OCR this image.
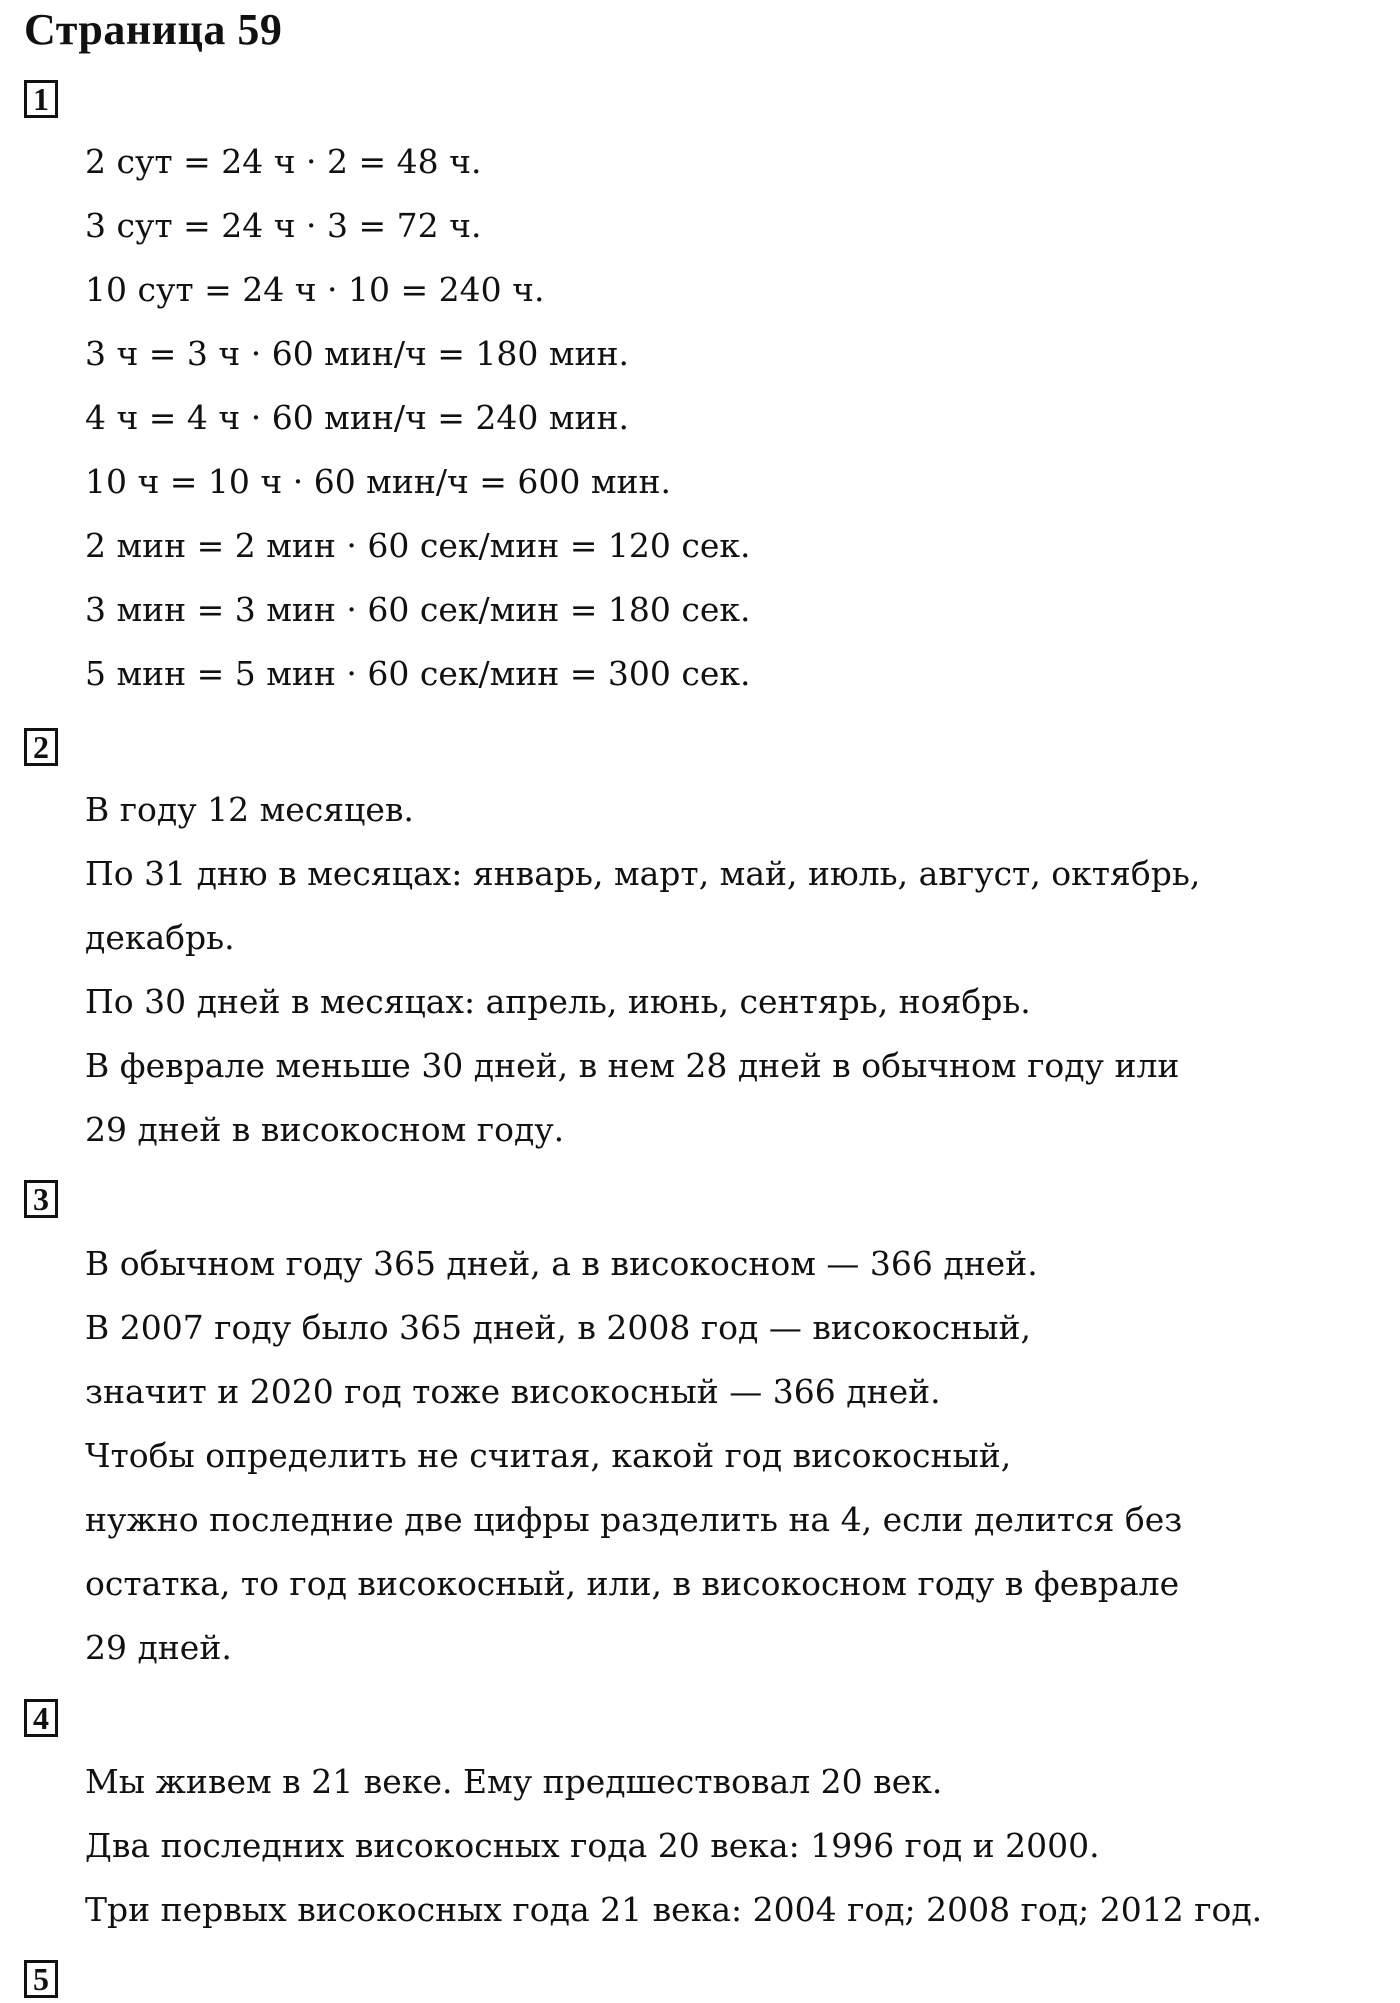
Страница 59
1
2 сут = 24 ч · 2 = 48 ч.
3 сут = 24 ч · 3 = 72 ч.
10 сут = 24 ч · 10 = 240 ч.
3 ч = 3 ч · 60 мин/ч = 180 мин.
4 ч = 4 ч · 60 мин/ч = 240 мин.
10 ч = 10 ч · 60 мин/ч = 600 мин.
2 мин = 2 мин · 60 сек/мин = 120 сек.
3 мин = 3 мин · 60 сек/мин = 180 сек.
5 мин = 5 мин · 60 сек/мин = 300 сек.
2
В году 12 месяцев.
По 31 дню в месяцах: январь, март, май, июль, август, октябрь,
декабрь.
По 30 дней в месяцах: апрель, июнь, сентярь, ноябрь.
В феврале меньше 30 дней, в нем 28 дней в обычном году или
29 дней в високосном году.
3
В обычном году 365 дней, а в високосном — 366 дней.
В 2007 году было 365 дней, в 2008 год — високосный,
значит и 2020 год тоже високосный — 366 дней.
Чтобы определить не считая, какой год високосный,
нужно последние две цифры разделить на 4, если делится без
остатка, то год високосный, или, в високосном году в феврале
29 дней.
4
Мы живем в 21 веке. Ему предшествовал 20 век.
Два последних високосных года 20 века: 1996 год и 2000.
Три первых високосных года 21 века: 2004 год; 2008 год; 2012 год.
5
